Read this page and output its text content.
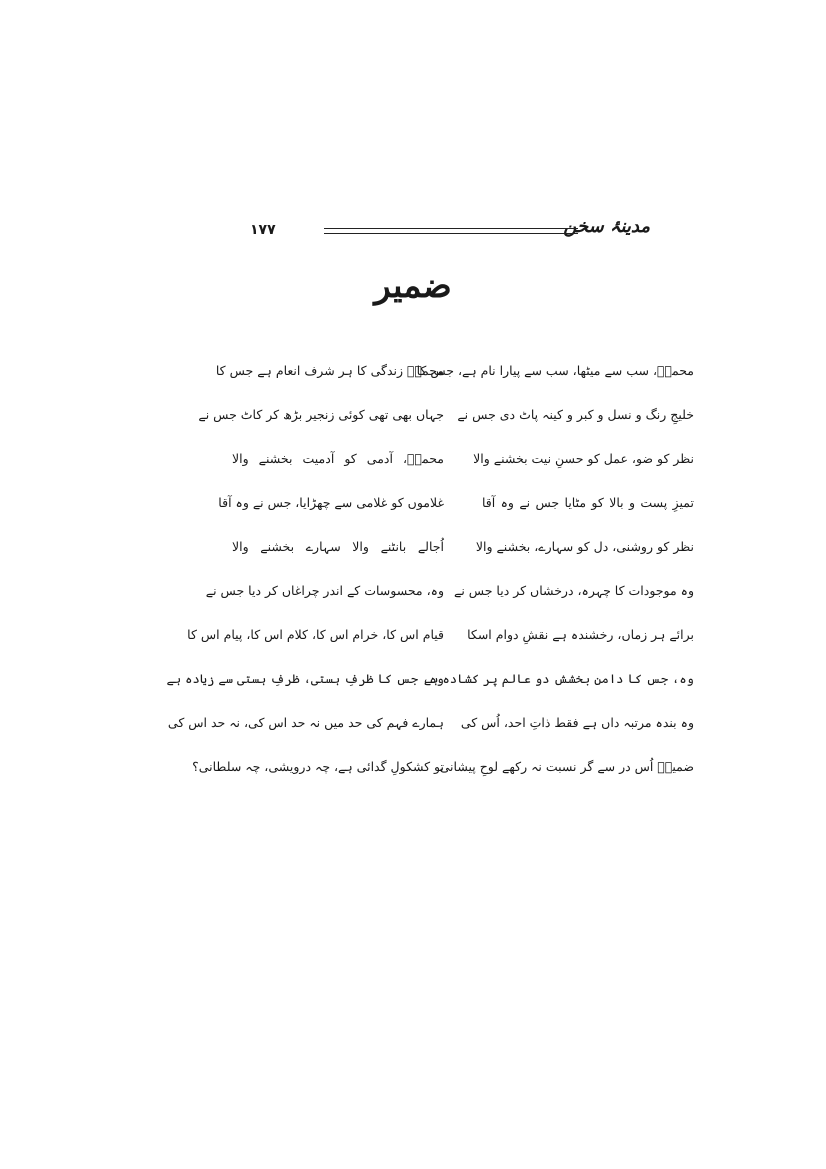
مدینۂ سخن
۱۷۷
ضمیر
محمدؐ، سب سے میٹھا، سب سے پیارا نام ہے، جس کا
محمدؐ زندگی کا ہر شرف انعام ہے جس کا
خلیجِ رنگ و نسل و کبر و کینہ پاٹ دی جس نے
جہاں بھی تھی کوئی زنجیر بڑھ کر کاٹ جس نے
نظر کو ضو، عمل کو حسنِ نیت بخشنے والا
محمدؐ، آدمی کو آدمیت بخشنے والا
تمیزِ پست و بالا کو مٹایا جس نے وہ آقا
غلاموں کو غلامی سے چھڑایا، جس نے وہ آقا
نظر کو روشنی، دل کو سہارے، بخشنے والا
اُجالے بانٹنے والا سہارے بخشنے والا
وہ موجودات کا چہرہ، درخشاں کر دیا جس نے
وہ، محسوسات کے اندر چراغاں کر دیا جس نے
برائے ہر زماں، رخشندہ ہے نقشِ دوام اسکا
قیام اس کا، خرام اس کا، کلام اس کا، پیام اس کا
وہ، جس کا دامنِ بخشش دو عالم پر کشادہ ہے
وہ، جس کا ظرفِ ہستی، ظرفِ ہستی سے زیادہ ہے
وہ بندہ مرتبہ داں ہے فقط ذاتِ احد، اُس کی
ہمارے فہم کی حد میں نہ حد اس کی، نہ حد اس کی
ضمیرؔ اُس در سے گر نسبت نہ رکھے لوحِ پیشانی
تو کشکولِ گدائی ہے، چہ درویشی، چہ سلطانی؟
